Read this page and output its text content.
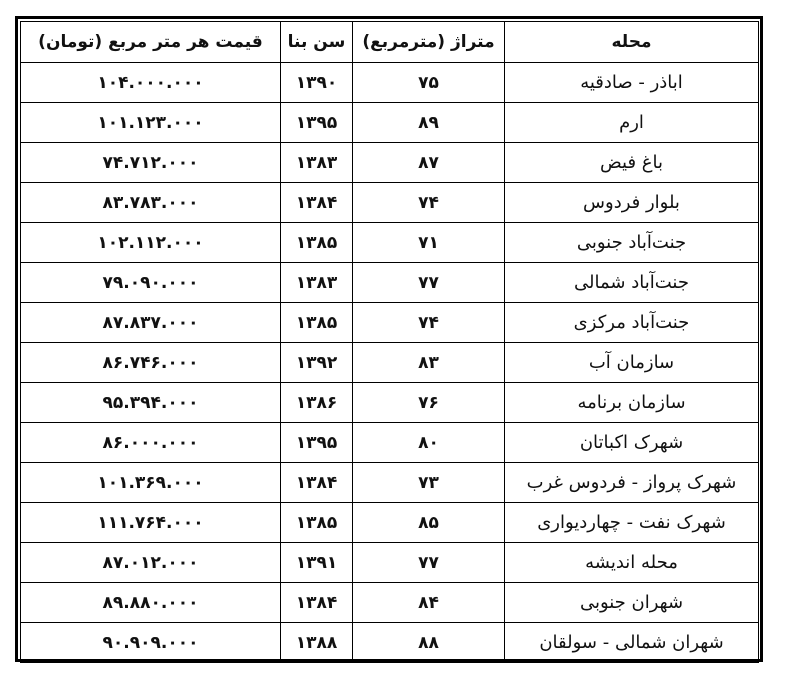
محله	متراژ (مترمربع)	سن بنا	قیمت هر متر مربع (تومان)
اباذر - صادقیه	۷۵	۱۳۹۰	۱۰۴.۰۰۰.۰۰۰
ارم	۸۹	۱۳۹۵	۱۰۱.۱۲۳.۰۰۰
باغ فیض	۸۷	۱۳۸۳	۷۴.۷۱۲.۰۰۰
بلوار فردوس	۷۴	۱۳۸۴	۸۳.۷۸۳.۰۰۰
جنت‌آباد جنوبی	۷۱	۱۳۸۵	۱۰۲.۱۱۲.۰۰۰
جنت‌آباد شمالی	۷۷	۱۳۸۳	۷۹.۰۹۰.۰۰۰
جنت‌آباد مرکزی	۷۴	۱۳۸۵	۸۷.۸۳۷.۰۰۰
سازمان آب	۸۳	۱۳۹۲	۸۶.۷۴۶.۰۰۰
سازمان برنامه	۷۶	۱۳۸۶	۹۵.۳۹۴.۰۰۰
شهرک اکباتان	۸۰	۱۳۹۵	۸۶.۰۰۰.۰۰۰
شهرک پرواز - فردوس غرب	۷۳	۱۳۸۴	۱۰۱.۳۶۹.۰۰۰
شهرک نفت - چهاردیواری	۸۵	۱۳۸۵	۱۱۱.۷۶۴.۰۰۰
محله اندیشه	۷۷	۱۳۹۱	۸۷.۰۱۲.۰۰۰
شهران جنوبی	۸۴	۱۳۸۴	۸۹.۸۸۰.۰۰۰
شهران شمالی - سولقان	۸۸	۱۳۸۸	۹۰.۹۰۹.۰۰۰
